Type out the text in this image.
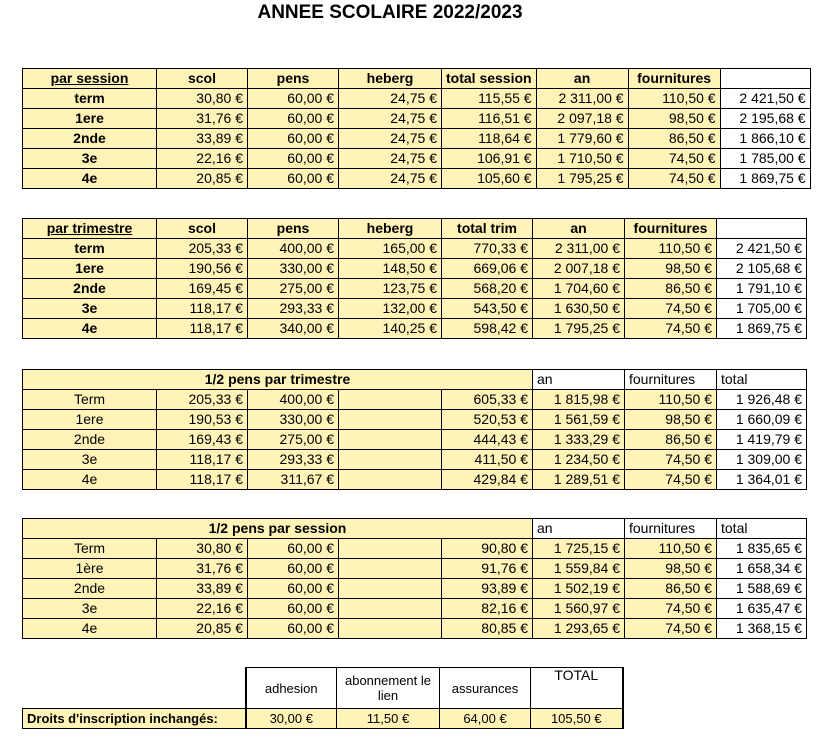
ANNEE SCOLAIRE 2022/2023
par session	scol	pens	heberg	total session	an	fournitures	
term	30,80 €	60,00 €	24,75 €	115,55 €	2 311,00 €	110,50 €	2 421,50 €
1ere	31,76 €	60,00 €	24,75 €	116,51 €	2 097,18 €	98,50 €	2 195,68 €
2nde	33,89 €	60,00 €	24,75 €	118,64 €	1 779,60 €	86,50 €	1 866,10 €
3e	22,16 €	60,00 €	24,75 €	106,91 €	1 710,50 €	74,50 €	1 785,00 €
4e	20,85 €	60,00 €	24,75 €	105,60 €	1 795,25 €	74,50 €	1 869,75 €
par trimestre	scol	pens	heberg	total trim	an	fournitures	
term	205,33 €	400,00 €	165,00 €	770,33 €	2 311,00 €	110,50 €	2 421,50 €
1ere	190,56 €	330,00 €	148,50 €	669,06 €	2 007,18 €	98,50 €	2 105,68 €
2nde	169,45 €	275,00 €	123,75 €	568,20 €	1 704,60 €	86,50 €	1 791,10 €
3e	118,17 €	293,33 €	132,00 €	543,50 €	1 630,50 €	74,50 €	1 705,00 €
4e	118,17 €	340,00 €	140,25 €	598,42 €	1 795,25 €	74,50 €	1 869,75 €
1/2 pens par trimestre					an	fournitures	total
Term	205,33 €	400,00 €		605,33 €	1 815,98 €	110,50 €	1 926,48 €
1ere	190,53 €	330,00 €		520,53 €	1 561,59 €	98,50 €	1 660,09 €
2nde	169,43 €	275,00 €		444,43 €	1 333,29 €	86,50 €	1 419,79 €
3e	118,17 €	293,33 €		411,50 €	1 234,50 €	74,50 €	1 309,00 €
4e	118,17 €	311,67 €		429,84 €	1 289,51 €	74,50 €	1 364,01 €
1/2 pens par session					an	fournitures	total
Term	30,80 €	60,00 €		90,80 €	1 725,15 €	110,50 €	1 835,65 €
1ère	31,76 €	60,00 €		91,76 €	1 559,84 €	98,50 €	1 658,34 €
2nde	33,89 €	60,00 €		93,89 €	1 502,19 €	86,50 €	1 588,69 €
3e	22,16 €	60,00 €		82,16 €	1 560,97 €	74,50 €	1 635,47 €
4e	20,85 €	60,00 €		80,85 €	1 293,65 €	74,50 €	1 368,15 €
	adhesion	abonnement le lien	assurances	TOTAL
Droits d'inscription inchangés:	30,00 €	11,50 €	64,00 €	105,50 €
